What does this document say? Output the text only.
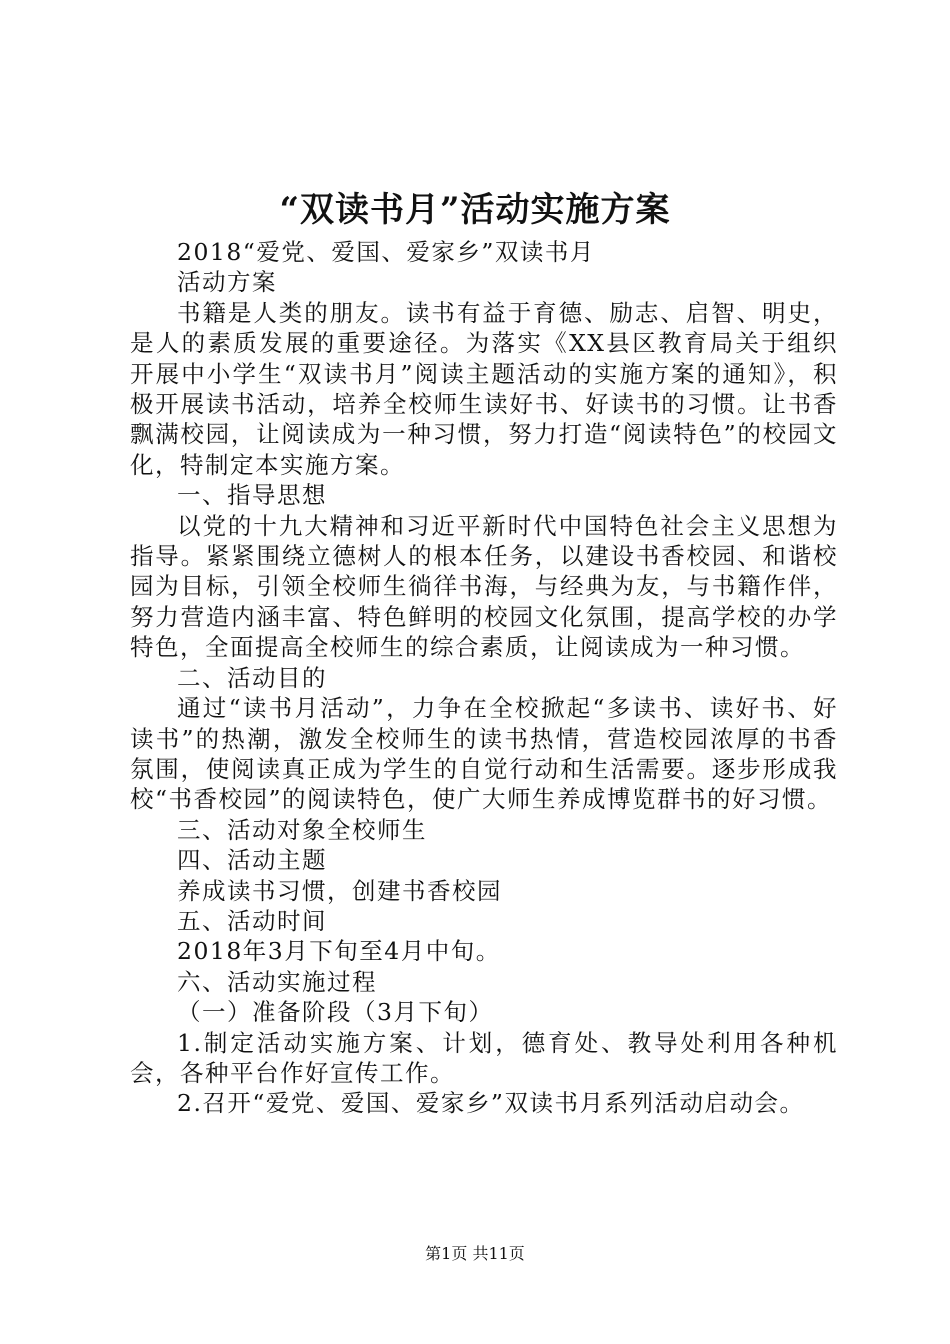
“双读书月”活动实施方案

2018“爱党、爱国、爱家乡”双读书月

活动方案

书籍是人类的朋友。读书有益于育德、励志、启智、明史，是人的素质发展的重要途径。为落实《XX县区教育局关于组织开展中小学生“双读书月”阅读主题活动的实施方案的通知》，积极开展读书活动，培养全校师生读好书、好读书的习惯。让书香飘满校园，让阅读成为一种习惯，努力打造“阅读特色”的校园文化，特制定本实施方案。

一、指导思想

以党的十九大精神和习近平新时代中国特色社会主义思想为指导。紧紧围绕立德树人的根本任务，以建设书香校园、和谐校园为目标，引领全校师生徜徉书海，与经典为友，与书籍作伴，努力营造内涵丰富、特色鲜明的校园文化氛围，提高学校的办学特色，全面提高全校师生的综合素质，让阅读成为一种习惯。

二、活动目的

通过“读书月活动”，力争在全校掀起“多读书、读好书、好读书”的热潮，激发全校师生的读书热情，营造校园浓厚的书香氛围，使阅读真正成为学生的自觉行动和生活需要。逐步形成我校“书香校园”的阅读特色，使广大师生养成博览群书的好习惯。

三、活动对象全校师生

四、活动主题

养成读书习惯，创建书香校园

五、活动时间

2018年3月下旬至4月中旬。

六、活动实施过程

（一）准备阶段（3月下旬）

1.制定活动实施方案、计划，德育处、教导处利用各种机会，各种平台作好宣传工作。

2.召开“爱党、爱国、爱家乡”双读书月系列活动启动会。

第1页 共11页
